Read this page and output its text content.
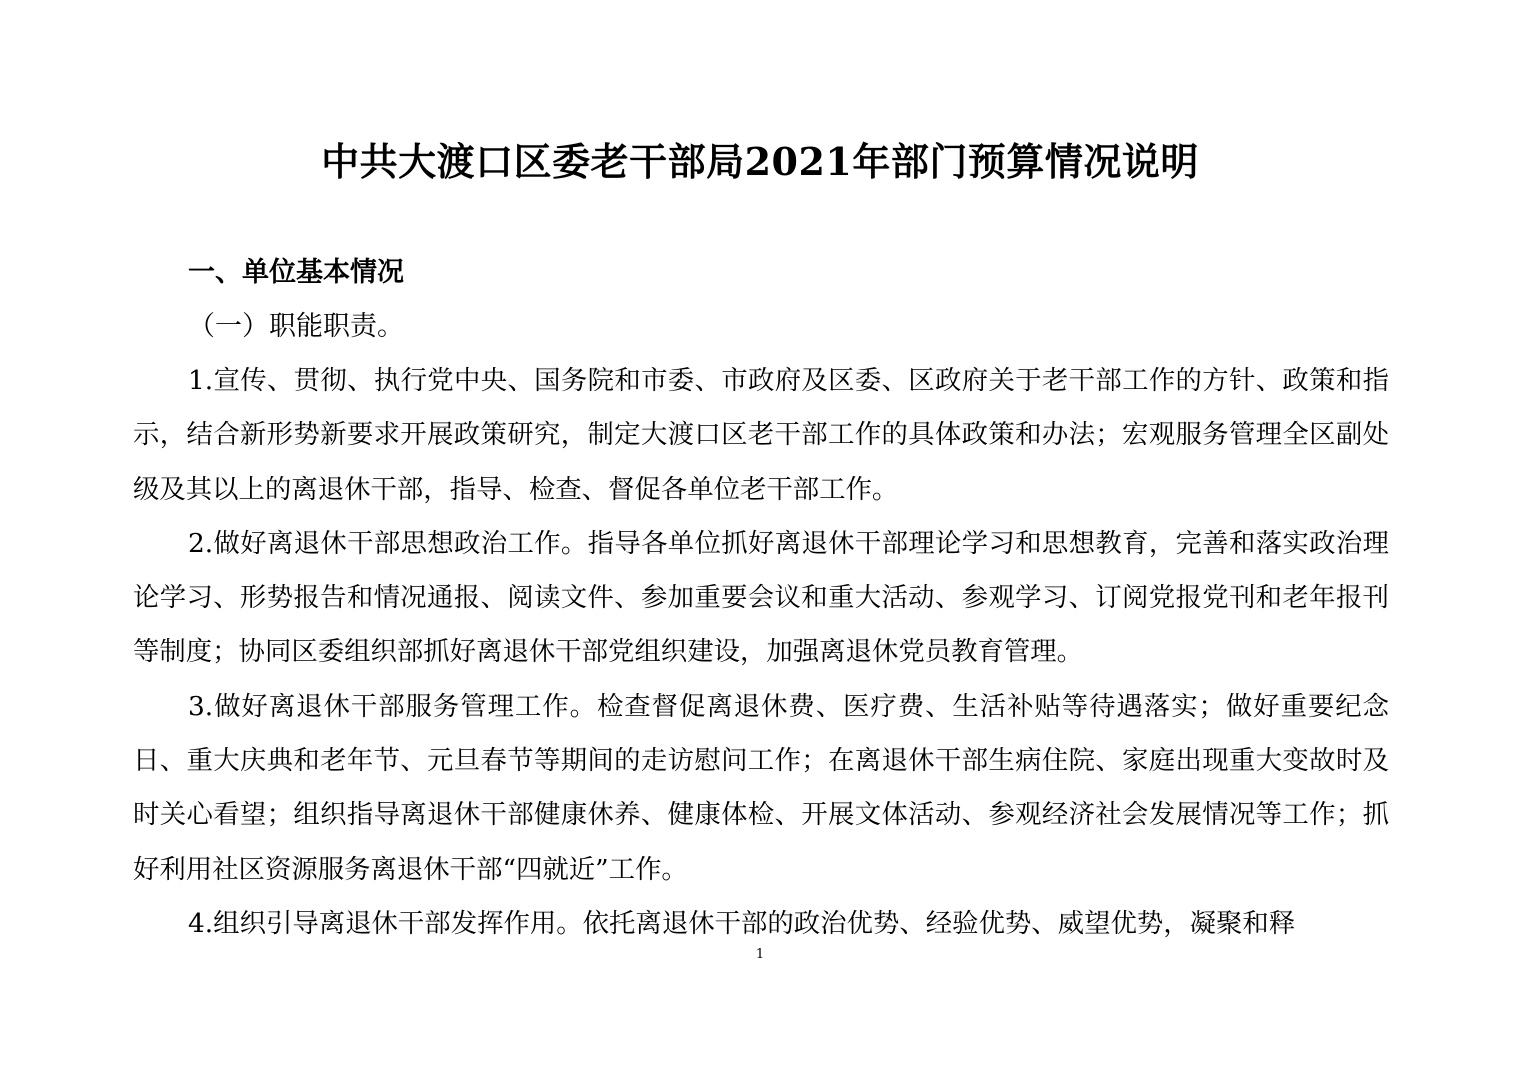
中共大渡口区委老干部局2021年部门预算情况说明

一、单位基本情况

（一）职能职责。

1.宣传、贯彻、执行党中央、国务院和市委、市政府及区委、区政府关于老干部工作的方针、政策和指示，结合新形势新要求开展政策研究，制定大渡口区老干部工作的具体政策和办法；宏观服务管理全区副处级及其以上的离退休干部，指导、检查、督促各单位老干部工作。

2.做好离退休干部思想政治工作。指导各单位抓好离退休干部理论学习和思想教育，完善和落实政治理论学习、形势报告和情况通报、阅读文件、参加重要会议和重大活动、参观学习、订阅党报党刊和老年报刊等制度；协同区委组织部抓好离退休干部党组织建设，加强离退休党员教育管理。

3.做好离退休干部服务管理工作。检查督促离退休费、医疗费、生活补贴等待遇落实；做好重要纪念日、重大庆典和老年节、元旦春节等期间的走访慰问工作；在离退休干部生病住院、家庭出现重大变故时及时关心看望；组织指导离退休干部健康休养、健康体检、开展文体活动、参观经济社会发展情况等工作；抓好利用社区资源服务离退休干部“四就近”工作。

4.组织引导离退休干部发挥作用。依托离退休干部的政治优势、经验优势、威望优势，凝聚和释

1
